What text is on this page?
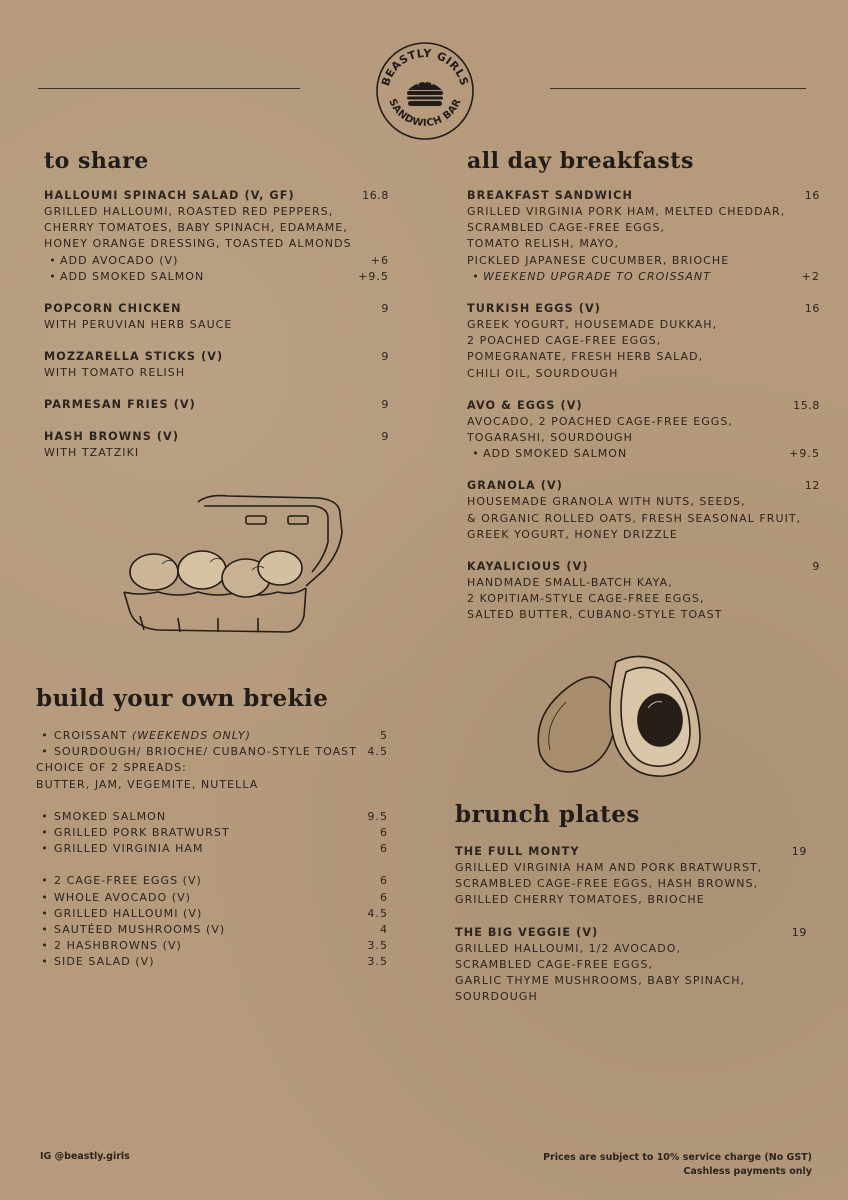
BEASTLY GIRLS
SANDWICH BAR
to share
HALLOUMI SPINACH SALAD (V, GF)	16.8
GRILLED HALLOUMI, ROASTED RED PEPPERS,
CHERRY TOMATOES, BABY SPINACH, EDAMAME,
HONEY ORANGE DRESSING, TOASTED ALMONDS
• ADD AVOCADO (V)	+6
• ADD SMOKED SALMON	+9.5
POPCORN CHICKEN	9
WITH PERUVIAN HERB SAUCE
MOZZARELLA STICKS (V)	9
WITH TOMATO RELISH
PARMESAN FRIES (V)	9
HASH BROWNS (V)	9
WITH TZATZIKI
all day breakfasts
BREAKFAST SANDWICH	16
GRILLED VIRGINIA PORK HAM, MELTED CHEDDAR,
SCRAMBLED CAGE-FREE EGGS,
TOMATO RELISH, MAYO,
PICKLED JAPANESE CUCUMBER, BRIOCHE
• WEEKEND UPGRADE TO CROISSANT	+2
TURKISH EGGS (V)	16
GREEK YOGURT, HOUSEMADE DUKKAH,
2 POACHED CAGE-FREE EGGS,
POMEGRANATE, FRESH HERB SALAD,
CHILI OIL, SOURDOUGH
AVO & EGGS (V)	15.8
AVOCADO, 2 POACHED CAGE-FREE EGGS,
TOGARASHI, SOURDOUGH
• ADD SMOKED SALMON	+9.5
GRANOLA (V)	12
HOUSEMADE GRANOLA WITH NUTS, SEEDS,
& ORGANIC ROLLED OATS, FRESH SEASONAL FRUIT,
GREEK YOGURT, HONEY DRIZZLE
KAYALICIOUS (V)	9
HANDMADE SMALL-BATCH KAYA,
2 KOPITIAM-STYLE CAGE-FREE EGGS,
SALTED BUTTER, CUBANO-STYLE TOAST
build your own brekie
• CROISSANT (WEEKENDS ONLY)	5
• SOURDOUGH/ BRIOCHE/ CUBANO-STYLE TOAST 4.5
CHOICE OF 2 SPREADS:
BUTTER, JAM, VEGEMITE, NUTELLA
• SMOKED SALMON	9.5
• GRILLED PORK BRATWURST	6
• GRILLED VIRGINIA HAM	6
• 2 CAGE-FREE EGGS (V)	6
• WHOLE AVOCADO (V)	6
• GRILLED HALLOUMI (V)	4.5
• SAUTÉED MUSHROOMS (V)	4
• 2 HASHBROWNS (V)	3.5
• SIDE SALAD (V)	3.5
brunch plates
THE FULL MONTY	19
GRILLED VIRGINIA HAM AND PORK BRATWURST,
SCRAMBLED CAGE-FREE EGGS, HASH BROWNS,
GRILLED CHERRY TOMATOES, BRIOCHE
THE BIG VEGGIE (V)	19
GRILLED HALLOUMI, 1/2 AVOCADO,
SCRAMBLED CAGE-FREE EGGS,
GARLIC THYME MUSHROOMS, BABY SPINACH,
SOURDOUGH
IG @beastly.girls	Prices are subject to 10% service charge (No GST)
Cashless payments only
